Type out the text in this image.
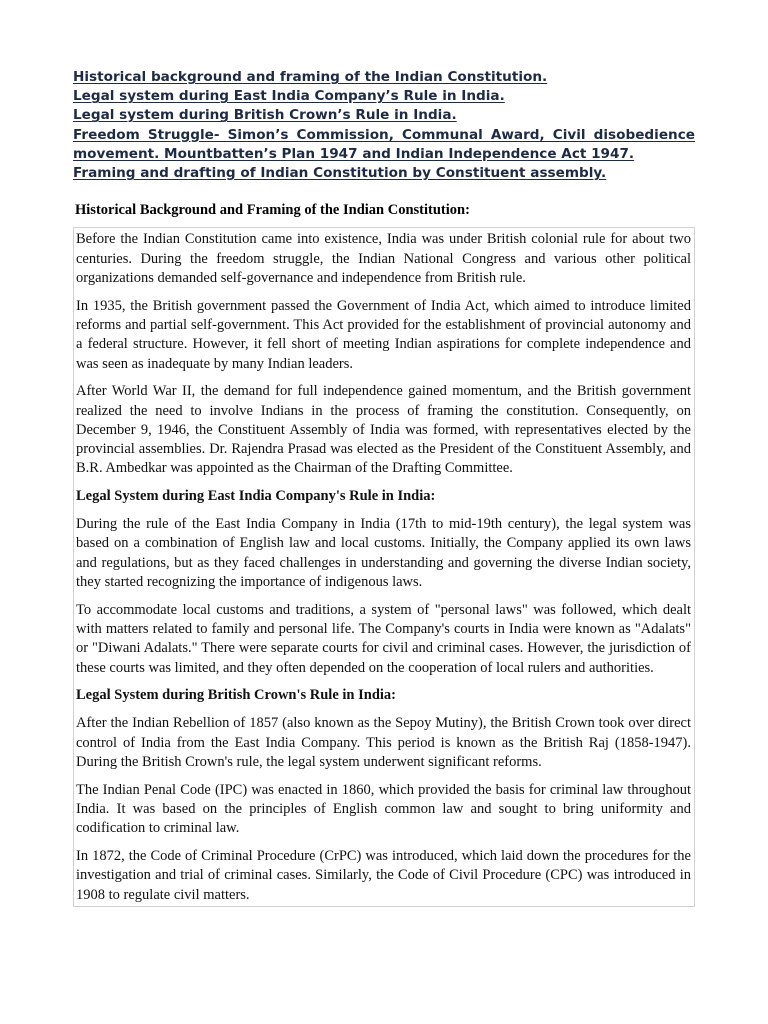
Historical background and framing of the Indian Constitution.
Legal system during East India Company’s Rule in India.
Legal system during British Crown’s Rule in India.
Freedom Struggle- Simon’s Commission, Communal Award, Civil disobedience movement. Mountbatten’s Plan 1947 and Indian Independence Act 1947.
Framing and drafting of Indian Constitution by Constituent assembly.
Historical Background and Framing of the Indian Constitution:

Before the Indian Constitution came into existence, India was under British colonial rule for about two centuries. During the freedom struggle, the Indian National Congress and various other political organizations demanded self-governance and independence from British rule.

In 1935, the British government passed the Government of India Act, which aimed to introduce limited reforms and partial self-government. This Act provided for the establishment of provincial autonomy and a federal structure. However, it fell short of meeting Indian aspirations for complete independence and was seen as inadequate by many Indian leaders.

After World War II, the demand for full independence gained momentum, and the British government realized the need to involve Indians in the process of framing the constitution. Consequently, on December 9, 1946, the Constituent Assembly of India was formed, with representatives elected by the provincial assemblies. Dr. Rajendra Prasad was elected as the President of the Constituent Assembly, and B.R. Ambedkar was appointed as the Chairman of the Drafting Committee.

Legal System during East India Company's Rule in India:

During the rule of the East India Company in India (17th to mid-19th century), the legal system was based on a combination of English law and local customs. Initially, the Company applied its own laws and regulations, but as they faced challenges in understanding and governing the diverse Indian society, they started recognizing the importance of indigenous laws.

To accommodate local customs and traditions, a system of "personal laws" was followed, which dealt with matters related to family and personal life. The Company's courts in India were known as "Adalats" or "Diwani Adalats." There were separate courts for civil and criminal cases. However, the jurisdiction of these courts was limited, and they often depended on the cooperation of local rulers and authorities.

Legal System during British Crown's Rule in India:

After the Indian Rebellion of 1857 (also known as the Sepoy Mutiny), the British Crown took over direct control of India from the East India Company. This period is known as the British Raj (1858-1947). During the British Crown's rule, the legal system underwent significant reforms.

The Indian Penal Code (IPC) was enacted in 1860, which provided the basis for criminal law throughout India. It was based on the principles of English common law and sought to bring uniformity and codification to criminal law.

In 1872, the Code of Criminal Procedure (CrPC) was introduced, which laid down the procedures for the investigation and trial of criminal cases. Similarly, the Code of Civil Procedure (CPC) was introduced in 1908 to regulate civil matters.
